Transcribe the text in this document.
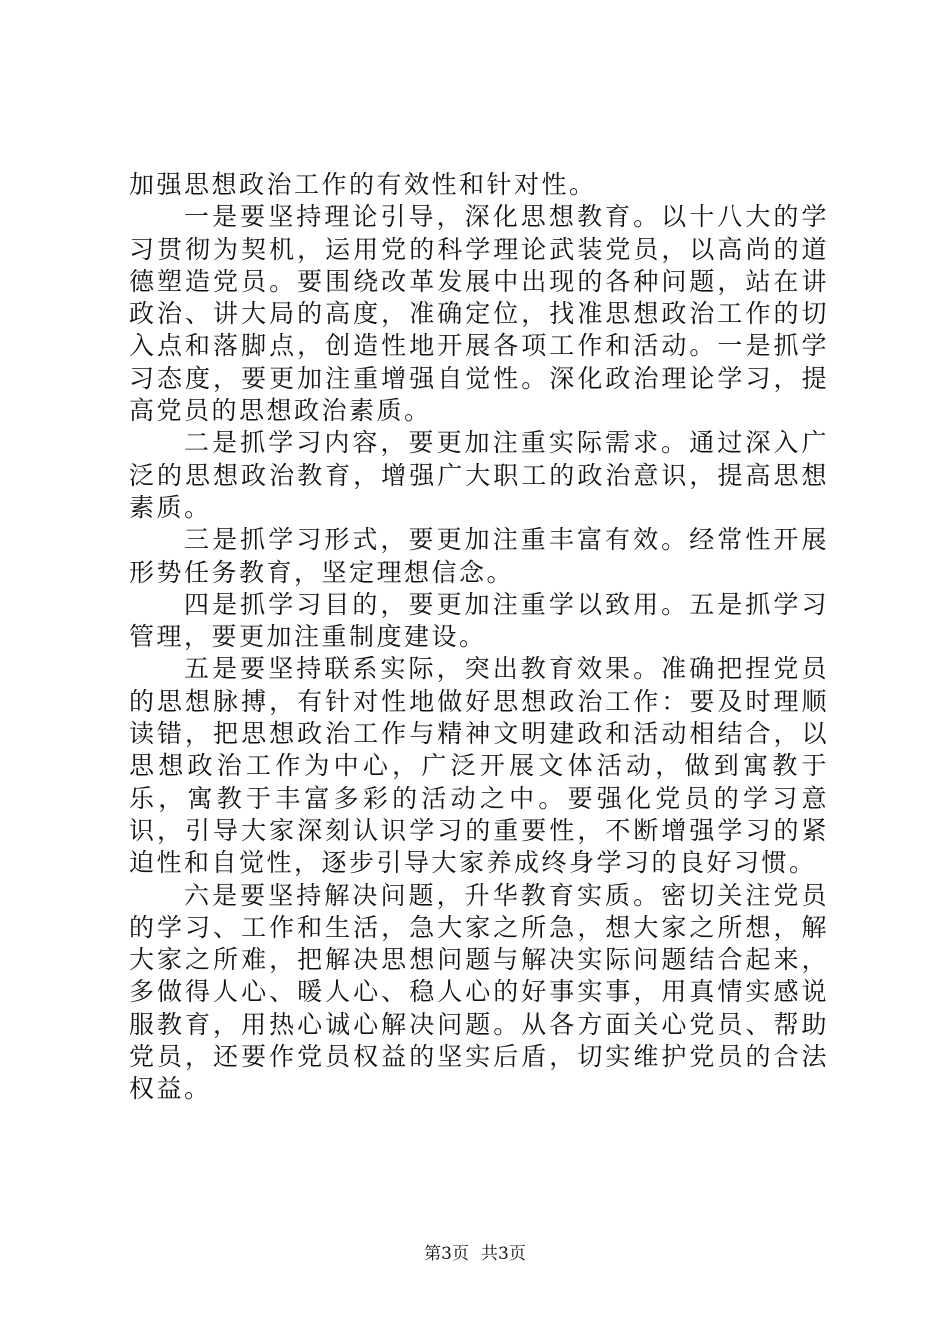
加强思想政治工作的有效性和针对性。

一是要坚持理论引导，深化思想教育。以十八大的学习贯彻为契机，运用党的科学理论武装党员，以高尚的道德塑造党员。要围绕改革发展中出现的各种问题，站在讲政治、讲大局的高度，准确定位，找准思想政治工作的切入点和落脚点，创造性地开展各项工作和活动。一是抓学习态度，要更加注重增强自觉性。深化政治理论学习，提高党员的思想政治素质。

二是抓学习内容，要更加注重实际需求。通过深入广泛的思想政治教育，增强广大职工的政治意识，提高思想素质。

三是抓学习形式，要更加注重丰富有效。经常性开展形势任务教育，坚定理想信念。

四是抓学习目的，要更加注重学以致用。五是抓学习管理，要更加注重制度建设。

五是要坚持联系实际，突出教育效果。准确把捏党员的思想脉搏，有针对性地做好思想政治工作：要及时理顺读错，把思想政治工作与精神文明建政和活动相结合，以思想政治工作为中心，广泛开展文体活动，做到寓教于乐，寓教于丰富多彩的活动之中。要强化党员的学习意识，引导大家深刻认识学习的重要性，不断增强学习的紧迫性和自觉性，逐步引导大家养成终身学习的良好习惯。

六是要坚持解决问题，升华教育实质。密切关注党员的学习、工作和生活，急大家之所急，想大家之所想，解大家之所难，把解决思想问题与解决实际问题结合起来，多做得人心、暖人心、稳人心的好事实事，用真情实感说服教育，用热心诚心解决问题。从各方面关心党员、帮助党员，还要作党员权益的坚实后盾，切实维护党员的合法权益。

第3页 共3页
